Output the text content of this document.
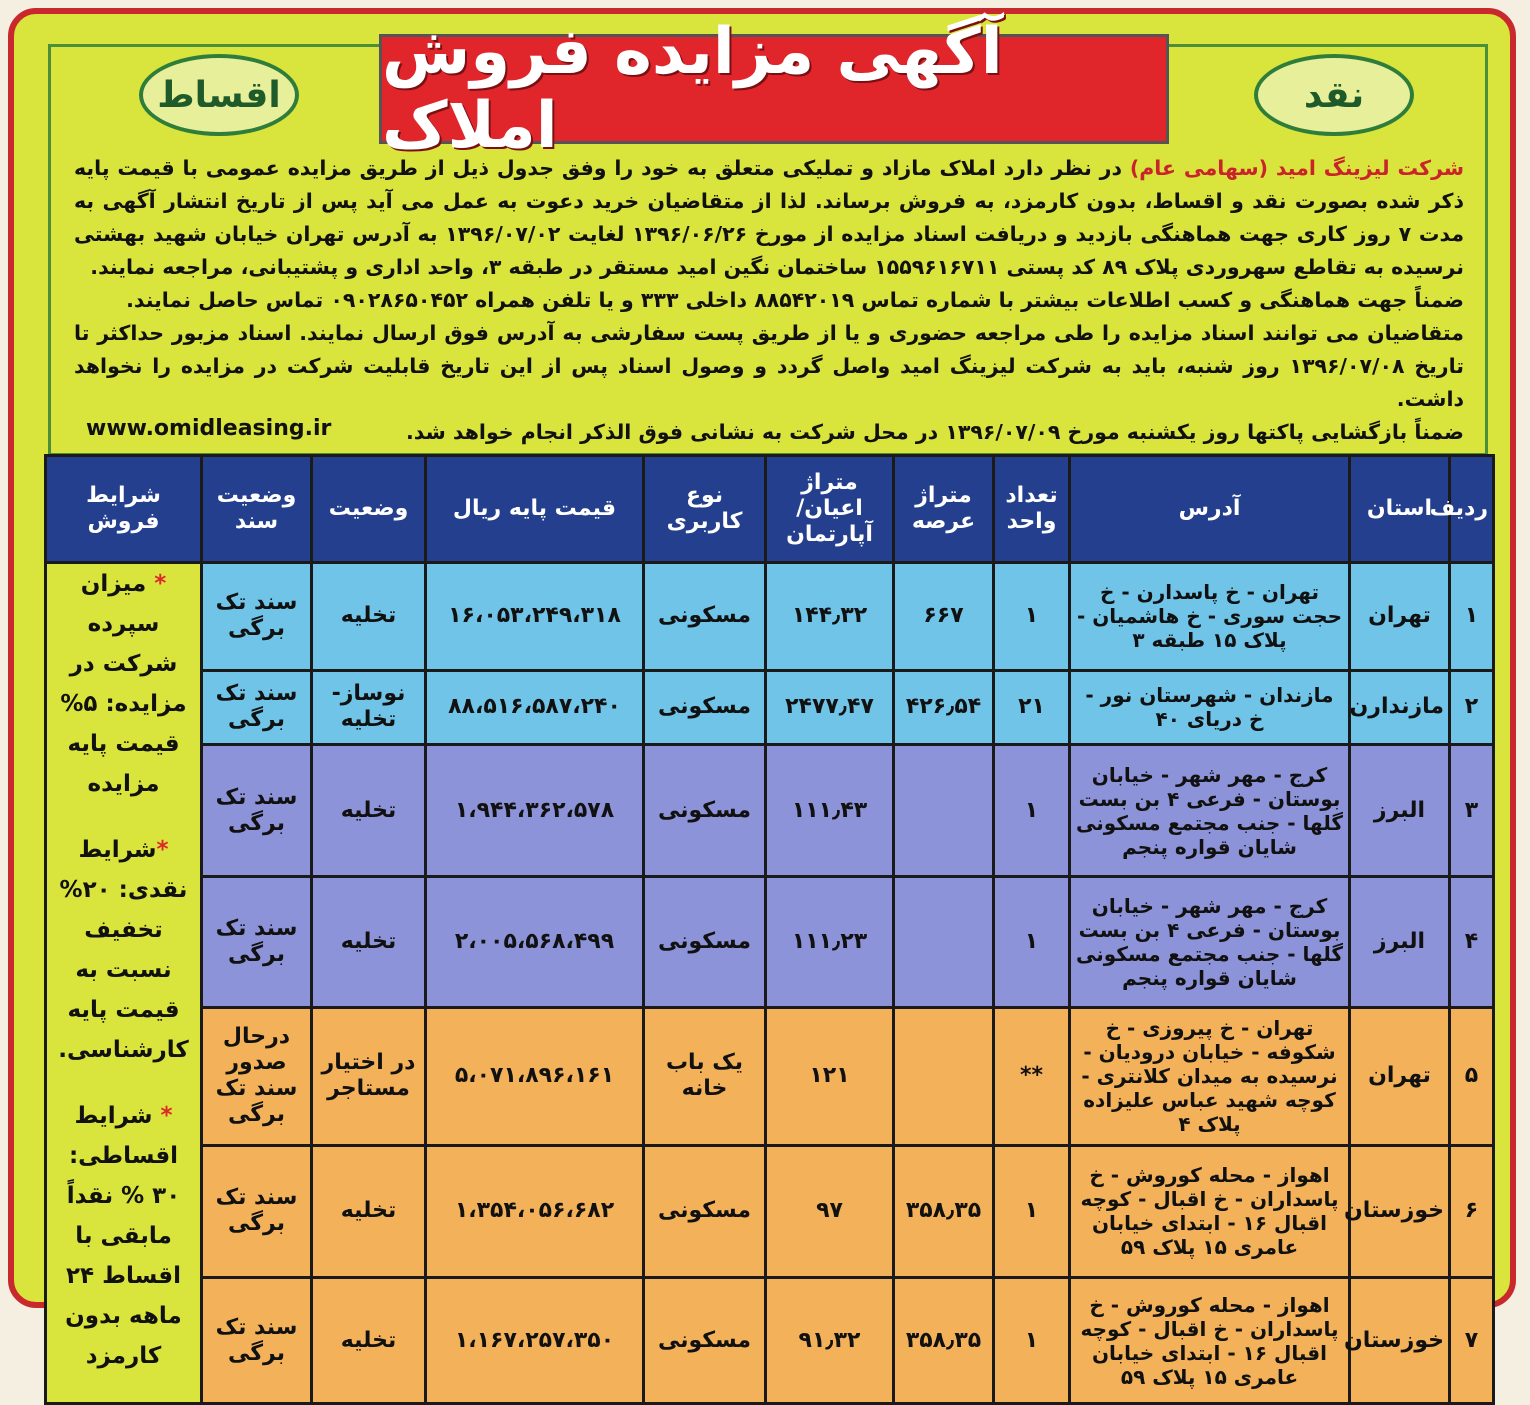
آگهی مزایده فروش املاک	نقد
اقساط

شرکت لیزینگ امید (سهامی عام) در نظر دارد املاک مازاد و تملیکی متعلق به خود را وفق جدول ذیل از طریق مزایده عمومی با قیمت پایه ذکر شده بصورت نقد و اقساط، بدون کارمزد، به فروش برساند. لذا از متقاضیان خرید دعوت به عمل می آید پس از تاریخ انتشار آگهی به مدت ۷ روز کاری جهت هماهنگی بازدید و دریافت اسناد مزایده از مورخ ۱۳۹۶/۰۶/۲۶ لغایت ۱۳۹۶/۰۷/۰۲ به آدرس تهران خیابان شهید بهشتی نرسیده به تقاطع سهروردی پلاک ۸۹ کد پستی ۱۵۵۹۶۱۶۷۱۱ ساختمان نگین امید مستقر در طبقه ۳، واحد اداری و پشتیبانی، مراجعه نمایند.

ضمناً جهت هماهنگی و کسب اطلاعات بیشتر با شماره تماس ۸۸۵۴۲۰۱۹ داخلی ۳۳۳ و یا تلفن همراه ۰۹۰۲۸۶۵۰۴۵۲ تماس حاصل نمایند.

متقاضیان می توانند اسناد مزایده را طی مراجعه حضوری و یا از طریق پست سفارشی به آدرس فوق ارسال نمایند. اسناد مزبور حداکثر تا تاریخ ۱۳۹۶/۰۷/۰۸ روز شنبه، باید به شرکت لیزینگ امید واصل گردد و وصول اسناد پس از این تاریخ قابلیت شرکت در مزایده را نخواهد داشت.

ضمناً بازگشایی پاکتها روز یکشنبه مورخ ۱۳۹۶/۰۷/۰۹ در محل شرکت به نشانی فوق الذکر انجام خواهد شد.

www.omidleasing.ir
ردیف	استان	آدرس	تعداد واحد	متراژ عرصه	متراژ اعیان/ آپارتمان	نوع کاربری	قیمت پایه ریال	وضعیت	وضعیت سند	شرایط فروش
۱	تهران	تهران - خ پاسدارن - خ حجت سوری - خ هاشمیان - پلاک ۱۵ طبقه ۳	۱	۶۶۷	۱۴۴٫۳۲	مسکونی	۱۶،۰۵۳،۲۴۹،۳۱۸	تخلیه	سند تک برگی	* میزان سپرده شرکت در مزایده: ۵% قیمت پایه مزایده

*شرایط نقدی: ۲۰% تخفیف نسبت به قیمت پایه کارشناسی.

* شرایط اقساطی: ۳۰ % نقداً مابقی با اقساط ۲۴ ماهه بدون کارمزد

۲	مازندارن	مازندان - شهرستان نور - خ دریای ۴۰	۲۱	۴۲۶٫۵۴	۲۴۷۷٫۴۷	مسکونی	۸۸،۵۱۶،۵۸۷،۲۴۰	نوساز- تخلیه	سند تک برگی	
۳	البرز	کرج - مهر شهر - خیابان بوستان - فرعی ۴ بن بست گلها - جنب مجتمع مسکونی شایان قواره پنجم	۱		۱۱۱٫۴۳	مسکونی	۱،۹۴۴،۳۶۲،۵۷۸	تخلیه	سند تک برگی	
۴	البرز	کرج - مهر شهر - خیابان بوستان - فرعی ۴ بن بست گلها - جنب مجتمع مسکونی شایان قواره پنجم	۱		۱۱۱٫۲۳	مسکونی	۲،۰۰۵،۵۶۸،۴۹۹	تخلیه	سند تک برگی	
۵	تهران	تهران - خ پیروزی - خ شکوفه - خیابان دروديان - نرسیده به میدان کلانتری - کوچه شهید عباس علیزاده پلاک ۴	**		۱۲۱	یک باب خانه	۵،۰۷۱،۸۹۶،۱۶۱	در اختیار مستاجر	درحال صدور سند تک برگی	
۶	خوزستان	اهواز - محله کوروش - خ پاسداران - خ اقبال - کوچه اقبال ۱۶ - ابتدای خیابان عامری ۱۵ پلاک ۵۹	۱	۳۵۸٫۳۵	۹۷	مسکونی	۱،۳۵۴،۰۵۶،۶۸۲	تخلیه	سند تک برگی	
۷	خوزستان	اهواز - محله کوروش - خ پاسداران - خ اقبال - کوچه اقبال ۱۶ - ابتدای خیابان عامری ۱۵ پلاک ۵۹	۱	۳۵۸٫۳۵	۹۱٫۳۲	مسکونی	۱،۱۶۷،۲۵۷،۳۵۰	تخلیه	سند تک برگی	
